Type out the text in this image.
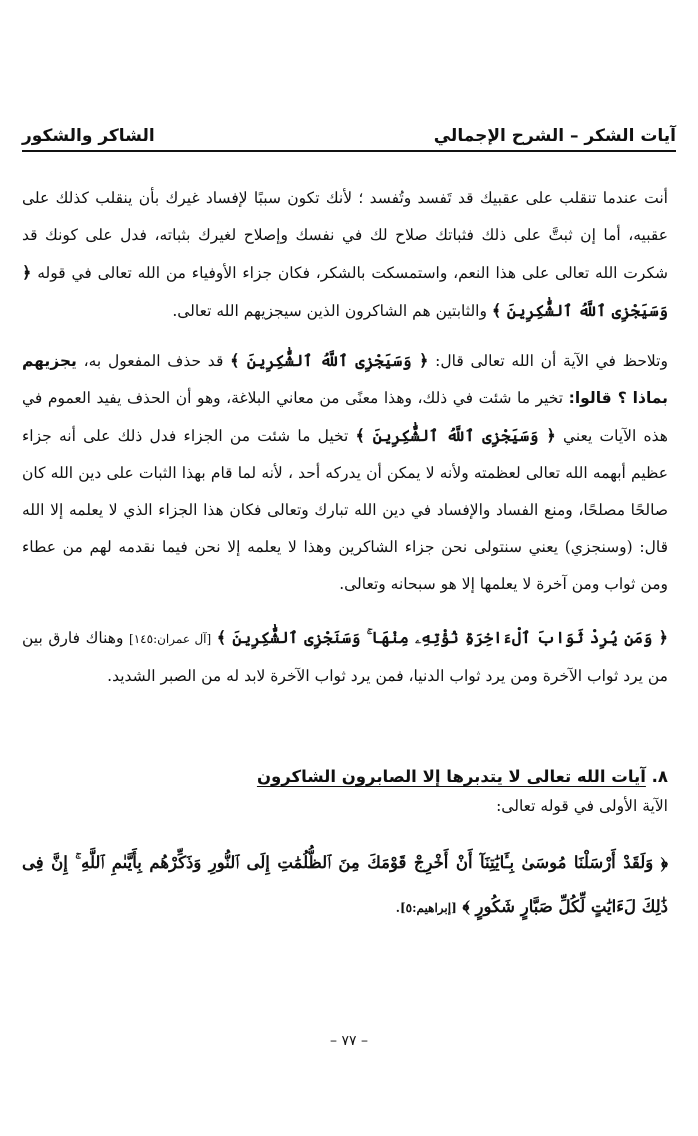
آيات الشكر – الشرح الإجمالي
الشاكر والشكور

أنت عندما تنقلب على عقبيك قد تَفسد وتُفسد ؛ لأنك تكون سببًا لإفساد غيرك بأن ينقلب كذلك على عقبيه، أما إن ثبتَّ على ذلك فثباتك صلاح لك في نفسك وإصلاح لغيرك بثباته، فدل على كونك قد شكرت الله تعالى على هذا النعم، واستمسكت بالشكر، فكان جزاء الأوفياء من الله تعالى في قوله ﴿ وَسَيَجْزِى ٱللَّهُ ٱلشَّٰكِرِينَ ﴾ والثابتين هم الشاكرون الذين سيجزيهم الله تعالى.

وتلاحظ في الآية أن الله تعالى قال: ﴿ وَسَيَجْزِى ٱللَّهُ ٱلشَّٰكِرِينَ ﴾ قد حذف المفعول به، يجزيهم بماذا ؟ قالوا: تخير ما شئت في ذلك، وهذا معنًى من معاني البلاغة، وهو أن الحذف يفيد العموم في هذه الآيات يعني ﴿ وَسَيَجْزِى ٱللَّهُ ٱلشَّٰكِرِينَ ﴾ تخيل ما شئت من الجزاء فدل ذلك على أنه جزاء عظيم أبهمه الله تعالى لعظمته ولأنه لا يمكن أن يدركه أحد ، لأنه لما قام بهذا الثبات على دين الله كان صالحًا مصلحًا، ومنع الفساد والإفساد في دين الله تبارك وتعالى فكان هذا الجزاء الذي لا يعلمه إلا الله قال: (وسنجزي) يعني سنتولى نحن جزاء الشاكرين وهذا لا يعلمه إلا نحن فيما نقدمه لهم من عطاء ومن ثواب ومن آخرة لا يعلمها إلا هو سبحانه وتعالى.

﴿ وَمَن يُرِدْ ثَوَابَ ٱلْءَاخِرَةِ نُؤْتِهِۦ مِنْهَا ۚ وَسَنَجْزِى ٱلشَّٰكِرِينَ ﴾ [آل عمران:١٤٥] وهناك فارق بين من يرد ثواب الآخرة ومن يرد ثواب الدنيا، فمن يرد ثواب الآخرة لابد له من الصبر الشديد.

٨. آيات الله تعالى لا يتدبرها إلا الصابرون الشاكرون

الآية الأولى في قوله تعالى:

﴿ وَلَقَدْ أَرْسَلْنَا مُوسَىٰ بِـَٔايَٰتِنَآ أَنْ أَخْرِجْ قَوْمَكَ مِنَ ٱلظُّلُمَٰتِ إِلَى ٱلنُّورِ وَذَكِّرْهُم بِأَيَّىٰمِ ٱللَّهِ ۚ إِنَّ فِى ذَٰلِكَ لَءَايَٰتٍ لِّكُلِّ صَبَّارٍ شَكُورٍ ﴾ [إبراهيم:٥].

– ٧٧ –
